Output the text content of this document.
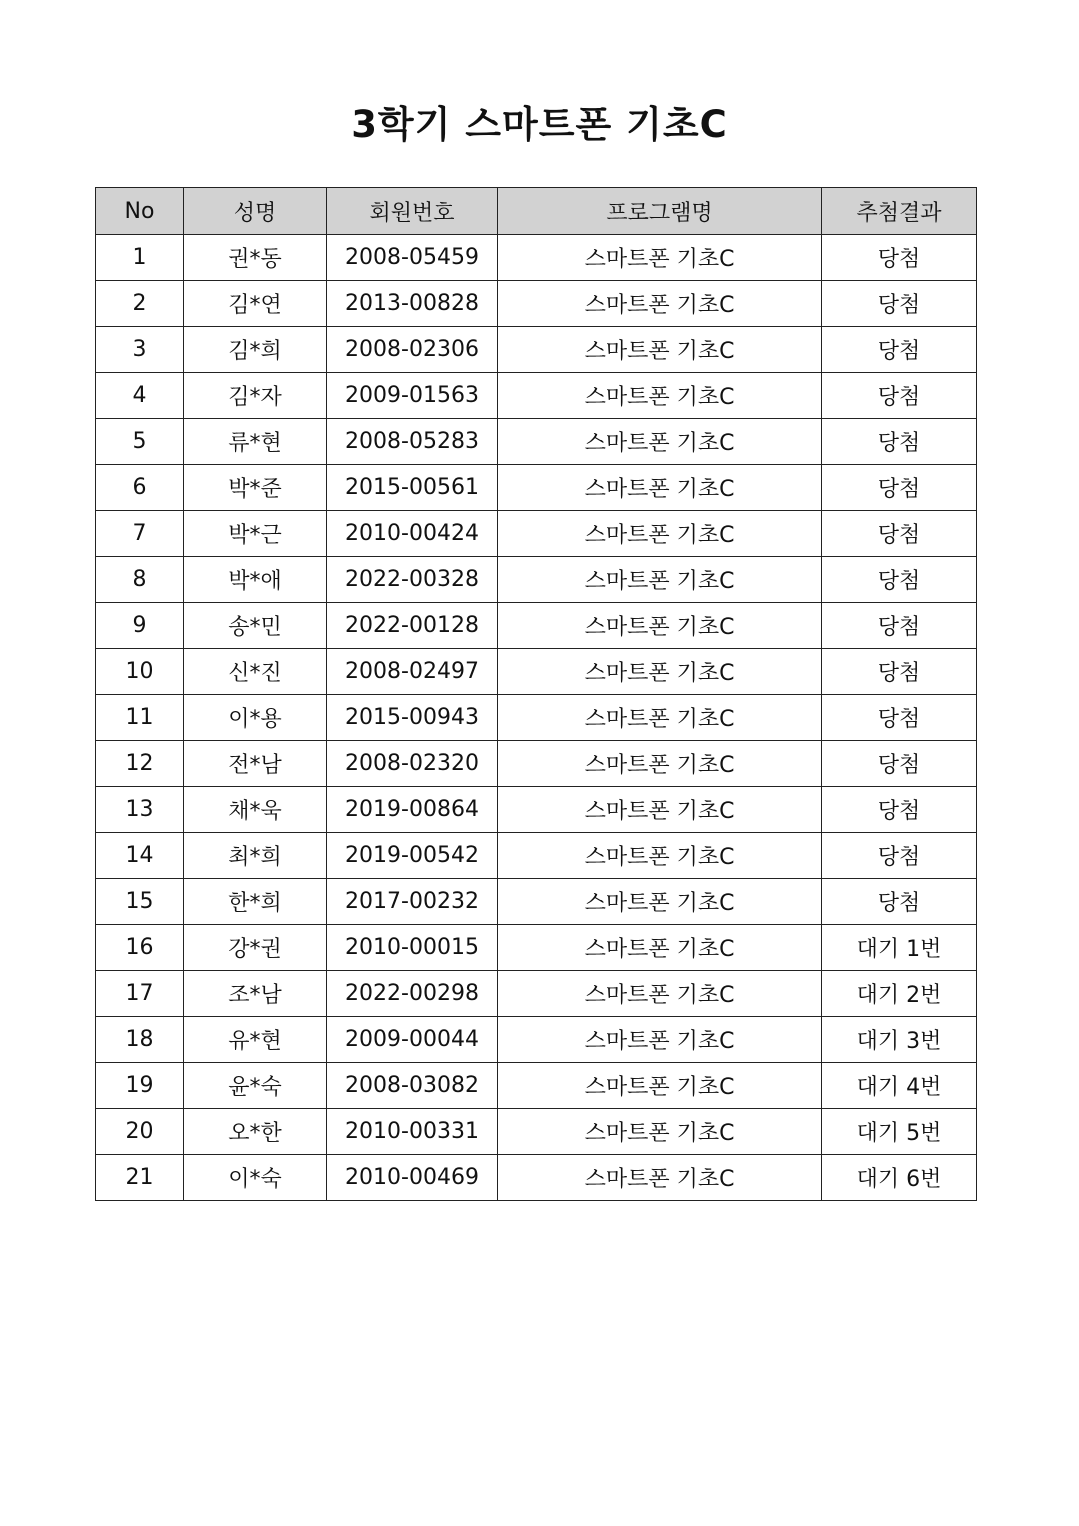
3학기 스마트폰 기초C
No	성명	회원번호	프로그램명	추첨결과
1	권*동	2008-05459	스마트폰 기초C	당첨
2	김*연	2013-00828	스마트폰 기초C	당첨
3	김*희	2008-02306	스마트폰 기초C	당첨
4	김*자	2009-01563	스마트폰 기초C	당첨
5	류*현	2008-05283	스마트폰 기초C	당첨
6	박*준	2015-00561	스마트폰 기초C	당첨
7	박*근	2010-00424	스마트폰 기초C	당첨
8	박*애	2022-00328	스마트폰 기초C	당첨
9	송*민	2022-00128	스마트폰 기초C	당첨
10	신*진	2008-02497	스마트폰 기초C	당첨
11	이*용	2015-00943	스마트폰 기초C	당첨
12	전*남	2008-02320	스마트폰 기초C	당첨
13	채*욱	2019-00864	스마트폰 기초C	당첨
14	최*희	2019-00542	스마트폰 기초C	당첨
15	한*희	2017-00232	스마트폰 기초C	당첨
16	강*권	2010-00015	스마트폰 기초C	대기 1번
17	조*남	2022-00298	스마트폰 기초C	대기 2번
18	유*현	2009-00044	스마트폰 기초C	대기 3번
19	윤*숙	2008-03082	스마트폰 기초C	대기 4번
20	오*한	2010-00331	스마트폰 기초C	대기 5번
21	이*숙	2010-00469	스마트폰 기초C	대기 6번
